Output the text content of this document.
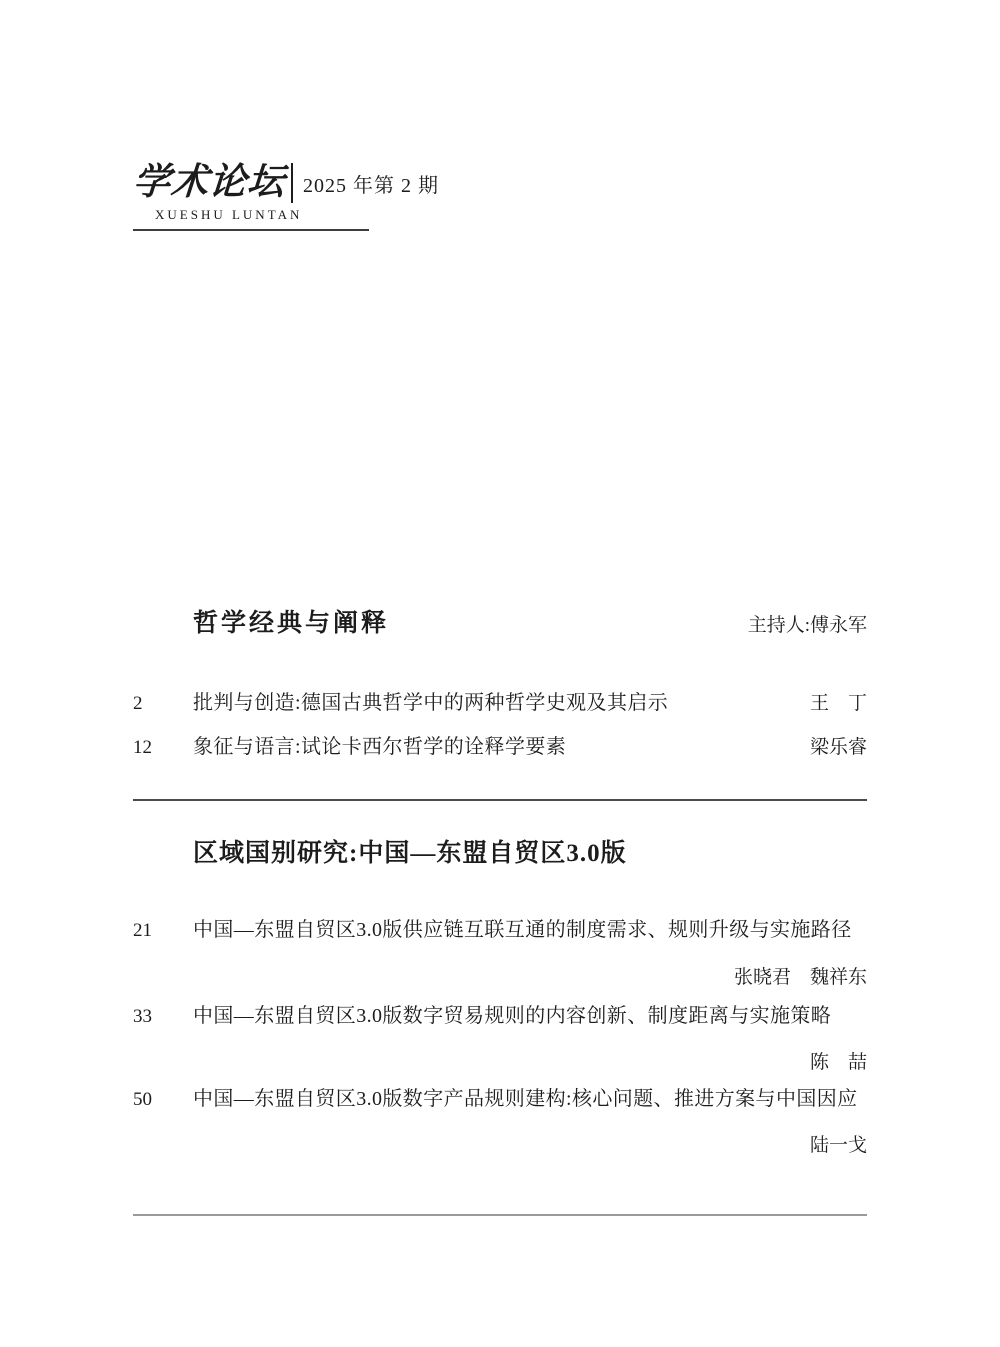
学术论坛 2025 年第 2 期
XUESHU LUNTAN
哲学经典与阐释	主持人:傅永军
2	批判与创造:德国古典哲学中的两种哲学史观及其启示	王　丁
12	象征与语言:试论卡西尔哲学的诠释学要素	梁乐睿
区域国别研究:中国—东盟自贸区3.0版
21	中国—东盟自贸区3.0版供应链互联互通的制度需求、规则升级与实施路径
张晓君　魏祥东
33	中国—东盟自贸区3.0版数字贸易规则的内容创新、制度距离与实施策略
陈　喆
50	中国—东盟自贸区3.0版数字产品规则建构:核心问题、推进方案与中国因应
陆一戈
